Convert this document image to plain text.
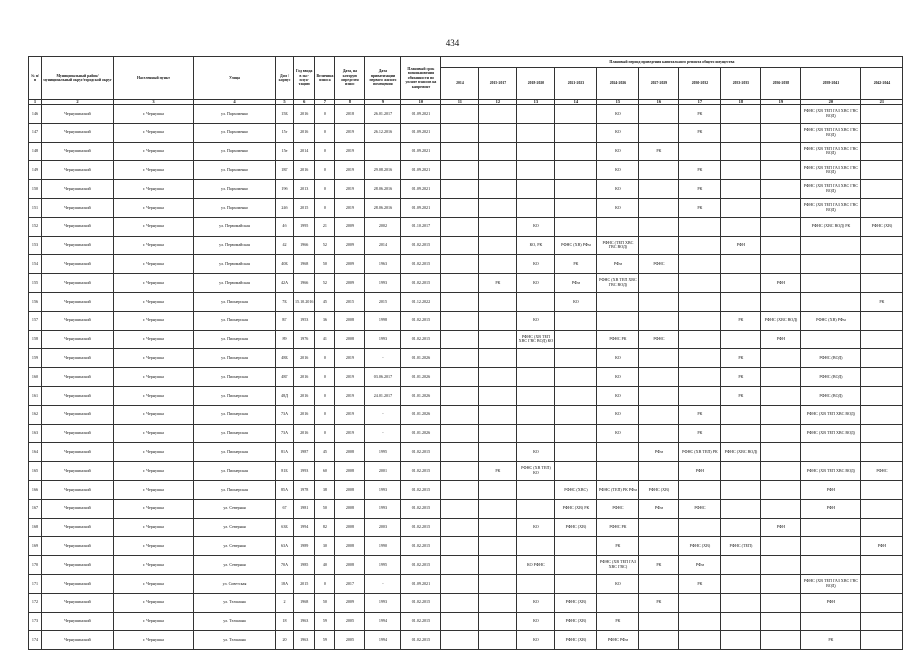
434
№ п/п	Муниципальный район/ муниципальный округ/городской округ	Населенный пункт	Улица	Дом / корпус	Год ввода в экс-плуа-тацию	Величина износа	Дата, на которую определен износ	Дата приватизации первого жилого помещения	Плановый срок возникновения обязанности по уплате взносов на капремонт	Плановый период проведения капитального ремонта общего имущества										
										2014	2015-2017	2018-2020	2021-2023	2024-2026	2027-2029	2030-2032	2033-2035	2036-2038	2039-2041	2042-2044
1	2	3	4	5	6	7	8	9	10	11	12	13	14	15	16	17	18	19	20	21
146	Чернушинский	г. Чернушка	ул. Пархоменко	15Б	2016	0	2018	26.01.2017	01.09.2021					КО		РК			РФНС (ХВ ТЕП ГАЗ ХВС ГВС ВОД)	
147	Чернушинский	г. Чернушка	ул. Пархоменко	15г	2016	0	2019	26.12.2016	01.09.2021					КО		РК			РФНС (ХВ ТЕП ГАЗ ХВС ГВС ВОД)	
148	Чернушинский	г. Чернушка	ул. Пархоменко	15е	2014	0	2019		01.09.2021					КО	РК				РФНС (ХВ ТЕП ГАЗ ХВС ГВС ВОД)	
149	Чернушинский	г. Чернушка	ул. Пархоменко	18Г	2016	0	2019	29.08.2016	01.09.2021					КО		РК			РФНС (ХВ ТЕП ГАЗ ХВС ГВС ВОД)	
150	Чернушинский	г. Чернушка	ул. Пархоменко	19б	2013	0	2019	28.06.2016	01.09.2021					КО		РК			РФНС (ХВ ТЕП ГАЗ ХВС ГВС ВОД)	
151	Чернушинский	г. Чернушка	ул. Пархоменко	24б	2015	0	2019	28.06.2016	01.09.2021					КО		РК			РФНС (ХВ ТЕП ГАЗ ХВС ГВС ВОД)	
152	Чернушинский	г. Чернушка	ул. Первомайская	4б	1995	21	2009	2002	01.10.2017			КО							РФНС (ХВС ВОД) РК	РФНС (ХВ)
153	Чернушинский	г. Чернушка	ул. Первомайская	42	1966	52	2009	2014	01.02.2015			КО, РК	РФНС (ХВ) РФм	РФНС (ТЕП ХВС ГВС ВОД)			РФН			
154	Чернушинский	г. Чернушка	ул. Первомайская	40Б	1968	50	2009	1963	01.02.2015			КО	РК	РФм	РФНС					
155	Чернушинский	г. Чернушка	ул. Первомайская	42А	1966	52	2009	1993	01.02.2015		РК	КО	РФм	РФНС (ХВ ТЕП ХВС ГВС ВОД)				РФН		
156	Чернушинский	г. Чернушка	ул. Пионерская	7Б	15.10.2016	45	2015	2015	01.12.2022				КО							РК
157	Чернушинский	г. Чернушка	ул. Пионерская	8Г	1953	36	2008	1998	01.02.2015			КО					РК	РФНС (ХВС ВОД)	РФНС (ХВ) РФм	
158	Чернушинский	г. Чернушка	ул. Пионерская	89	1976	41	2008	1993	01.02.2015			РФНС (ХВ ТЕП ХВС ГВС ВОД) КО		РФНС РК	РФНС			РФН		
159	Чернушинский	г. Чернушка	ул. Пионерская	48Б	2016	0	2019	-	01.01.2026					КО			РК		РФНС (ВОД)	
160	Чернушинский	г. Чернушка	ул. Пионерская	48Г	2016	0	2019	03.06.2017	01.01.2026					КО			РК		РФНС (ВОД)	
161	Чернушинский	г. Чернушка	ул. Пионерская	48Д	2016	0	2019	24.01.2017	01.01.2026					КО			РК		РФНС (ВОД)	
162	Чернушинский	г. Чернушка	ул. Пионерская	73А	2016	0	2019	-	01.01.2026					КО		РК			РФНС (ХВ ТЕП ХВС ВОД)	
163	Чернушинский	г. Чернушка	ул. Пионерская	73А	2016	0	2019	-	01.01.2026					КО		РК			РФНС (ХВ ТЕП ХВС ВОД)	
164	Чернушинский	г. Чернушка	ул. Пионерская	81А	1987	45	2008	1995	01.02.2015			КО			РФм	РФНС (ХВ ТЕП) РК	РФНС (ХВС ВОД)			
165	Чернушинский	г. Чернушка	ул. Пионерская	81Б	1993	60	2008	2001	01.02.2015		РК	РФНС (ХВ ТЕП) КО				РФН			РФНС (ХВ ТЕП ХВС ВОД)	РФНС
166	Чернушинский	г. Чернушка	ул. Пионерская	85А	1978	38	2008	1993	01.02.2015				РФНС (ХВС)	РФНС (ТЕП) РК РФм	РФНС (ХВ)				РФН	
167	Чернушинский	г. Чернушка	ул. Северная	67	1981	50	2008	1993	01.02.2015				РФНС (ХВ) РК	РФНС	РФм	РФНС			РФН	
168	Чернушинский	г. Чернушка	ул. Северная	63Б	1994	82	2008	2003	01.02.2015			КО	РФНС (ХВ)	РФНС РК				РФН		
169	Чернушинский	г. Чернушка	ул. Северная	63А	1989	30	2008	1990	01.02.2015					РК		РФНС (ХВ)	РФНС (ТЕП)			РФН
170	Чернушинский	г. Чернушка	ул. Северная	70А	1985	40	2008	1995	01.02.2015			КО РФНС		РФНС (ХВ ТЕП ГАЗ ХВС ГВС)	РК	РФм				
171	Чернушинский	г. Чернушка	ул. Советская	18А	2015	0	2017	-	01.09.2021					КО		РК			РФНС (ХВ ТЕП ГАЗ ХВС ГВС ВОД)	
172	Чернушинский	г. Чернушка	ул. Тельмана	2	1968	50	2009	1993	01.02.2015			КО	РФНС (ХВ)		РК				РФН	
173	Чернушинский	г. Чернушка	ул. Тельмана	18	1963	59	2005	1994	01.02.2015			КО	РФНС (ХВ)	РК						
174	Чернушинский	г. Чернушка	ул. Тельмана	20	1963	59	2005	1994	01.02.2015			КО	РФНС (ХВ)	РФНС РФм					РК	
